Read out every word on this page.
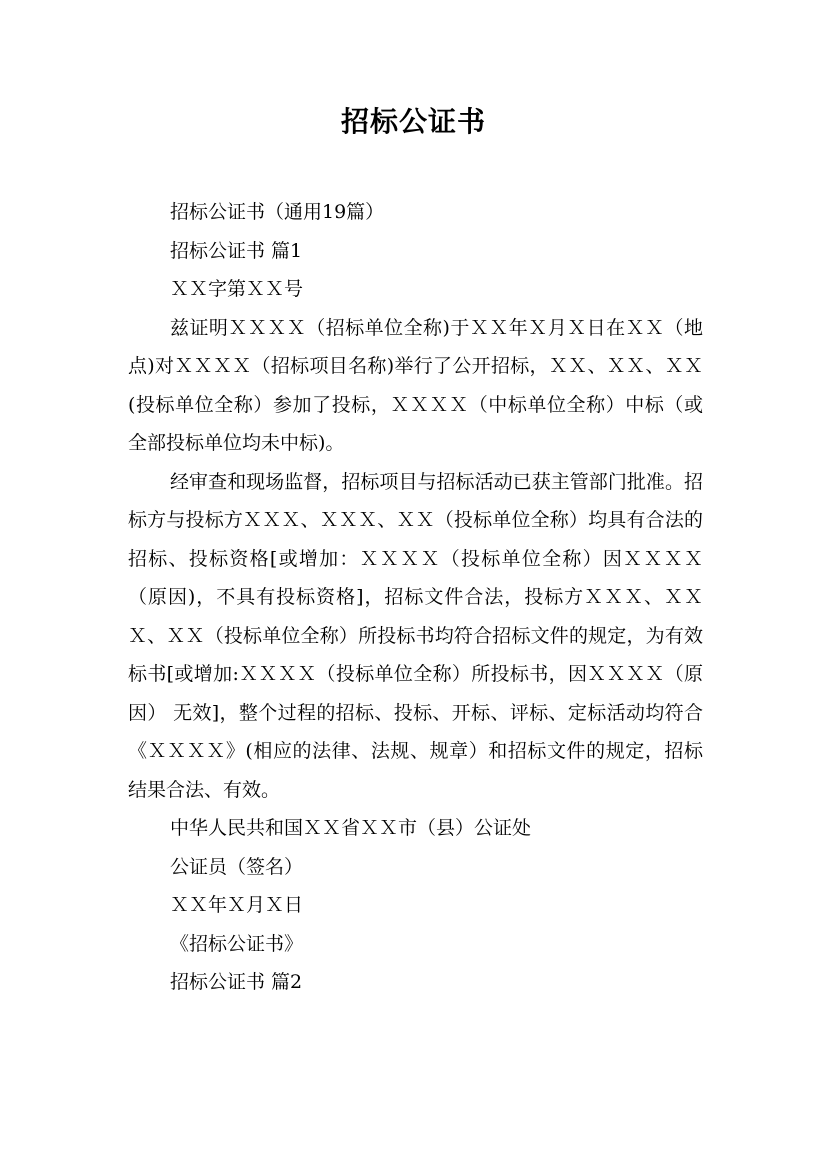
招标公证书

招标公证书（通用19篇）

招标公证书 篇1

ＸＸ字第ＸＸ号

兹证明ＸＸＸＸ（招标单位全称)于ＸＸ年Ｘ月Ｘ日在ＸＸ（地点)对ＸＸＸＸ（招标项目名称)举行了公开招标，ＸＸ、ＸＸ、ＸＸ(投标单位全称）参加了投标，ＸＸＸＸ（中标单位全称）中标（或全部投标单位均未中标)。

经审查和现场监督，招标项目与招标活动已获主管部门批准。招标方与投标方ＸＸＸ、ＸＸＸ、ＸＸ（投标单位全称）均具有合法的招标、投标资格[或增加：ＸＸＸＸ（投标单位全称）因ＸＸＸＸ（原因)，不具有投标资格]，招标文件合法，投标方ＸＸＸ、ＸＸＸ、ＸＸ（投标单位全称）所投标书均符合招标文件的规定，为有效标书[或增加:ＸＸＸＸ（投标单位全称）所投标书，因ＸＸＸＸ（原因） 无效]，整个过程的招标、投标、开标、评标、定标活动均符合《ＸＸＸＸ》(相应的法律、法规、规章）和招标文件的规定，招标结果合法、有效。

中华人民共和国ＸＸ省ＸＸ市（县）公证处

公证员（签名）

ＸＸ年Ｘ月Ｘ日

《招标公证书》

招标公证书 篇2
